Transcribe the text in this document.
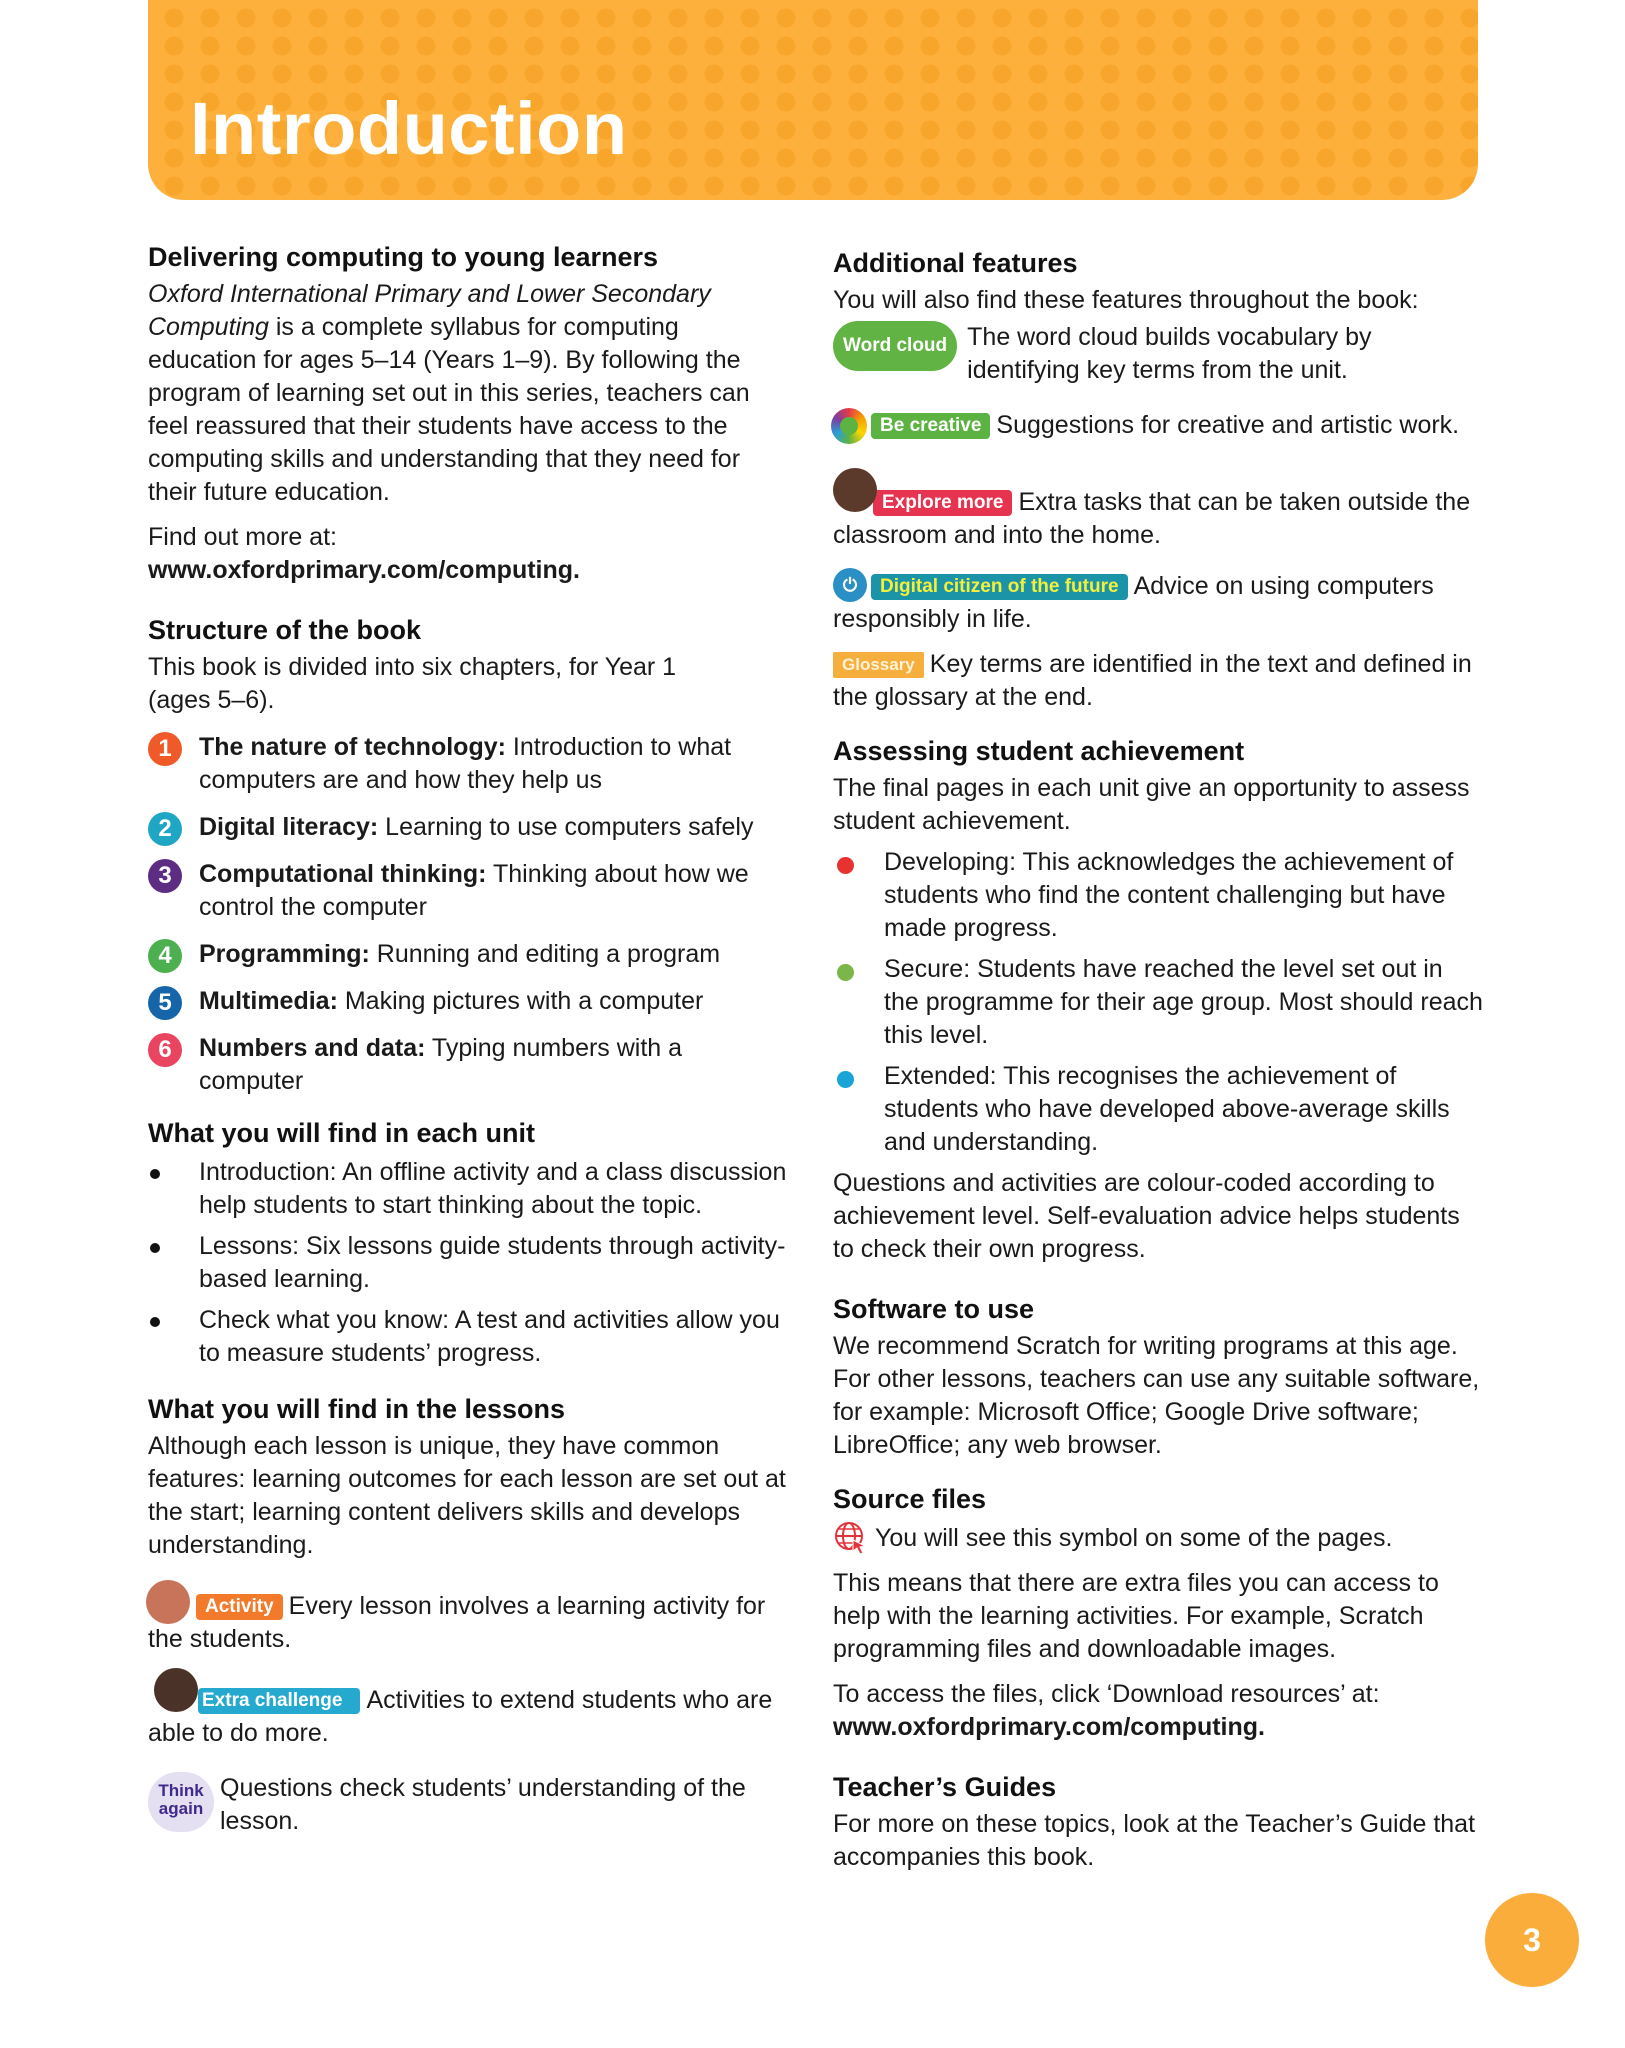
Introduction
Delivering computing to young learners

Oxford International Primary and Lower Secondary Computing is a complete syllabus for computing education for ages 5–14 (Years 1–9). By following the program of learning set out in this series, teachers can feel reassured that their students have access to the computing skills and understanding that they need for their future education.

Find out more at:

www.oxfordprimary.com/computing.

Structure of the book

This book is divided into six chapters, for Year 1 (ages 5–6).

1	The nature of technology: Introduction to what computers are and how they help us
2	Digital literacy: Learning to use computers safely
3	Computational thinking: Thinking about how we control the computer
4	Programming: Running and editing a program
5	Multimedia: Making pictures with a computer
6	Numbers and data: Typing numbers with a computer
What you will find in each unit
Introduction: An offline activity and a class discussion help students to start thinking about the topic.
Lessons: Six lessons guide students through activity-based learning.
Check what you know: A test and activities allow you to measure students’ progress.
What you will find in the lessons

Although each lesson is unique, they have common features: learning outcomes for each lesson are set out at the start; learning content delivers skills and develops understanding.

Activity Every lesson involves a learning activity for the students.

Extra challenge Activities to extend students who are able to do more.

Think
again

Questions check students’ understanding of the lesson.

Additional features

You will also find these features throughout the book:

Word cloud The word cloud builds vocabulary by identifying key terms from the unit.

Be creative Suggestions for creative and artistic work.

Explore more Extra tasks that can be taken outside the classroom and into the home.

⏻	Digital citizen of the future Advice on using computers responsibly in life.

Glossary Key terms are identified in the text and defined in the glossary at the end.

Assessing student achievement

The final pages in each unit give an opportunity to assess student achievement.

Developing: This acknowledges the achievement of students who find the content challenging but have made progress.
Secure: Students have reached the level set out in the programme for their age group. Most should reach this level.
Extended: This recognises the achievement of students who have developed above-average skills and understanding.

Questions and activities are colour-coded according to achievement level. Self-evaluation advice helps students to check their own progress.

Software to use

We recommend Scratch for writing programs at this age. For other lessons, teachers can use any suitable software, for example: Microsoft Office; Google Drive software; LibreOffice; any web browser.

Source files

You will see this symbol on some of the pages.

This means that there are extra files you can access to help with the learning activities. For example, Scratch programming files and downloadable images.

To access the files, click ‘Download resources’ at:

www.oxfordprimary.com/computing.

Teacher’s Guides

For more on these topics, look at the Teacher’s Guide that accompanies this book.

3
